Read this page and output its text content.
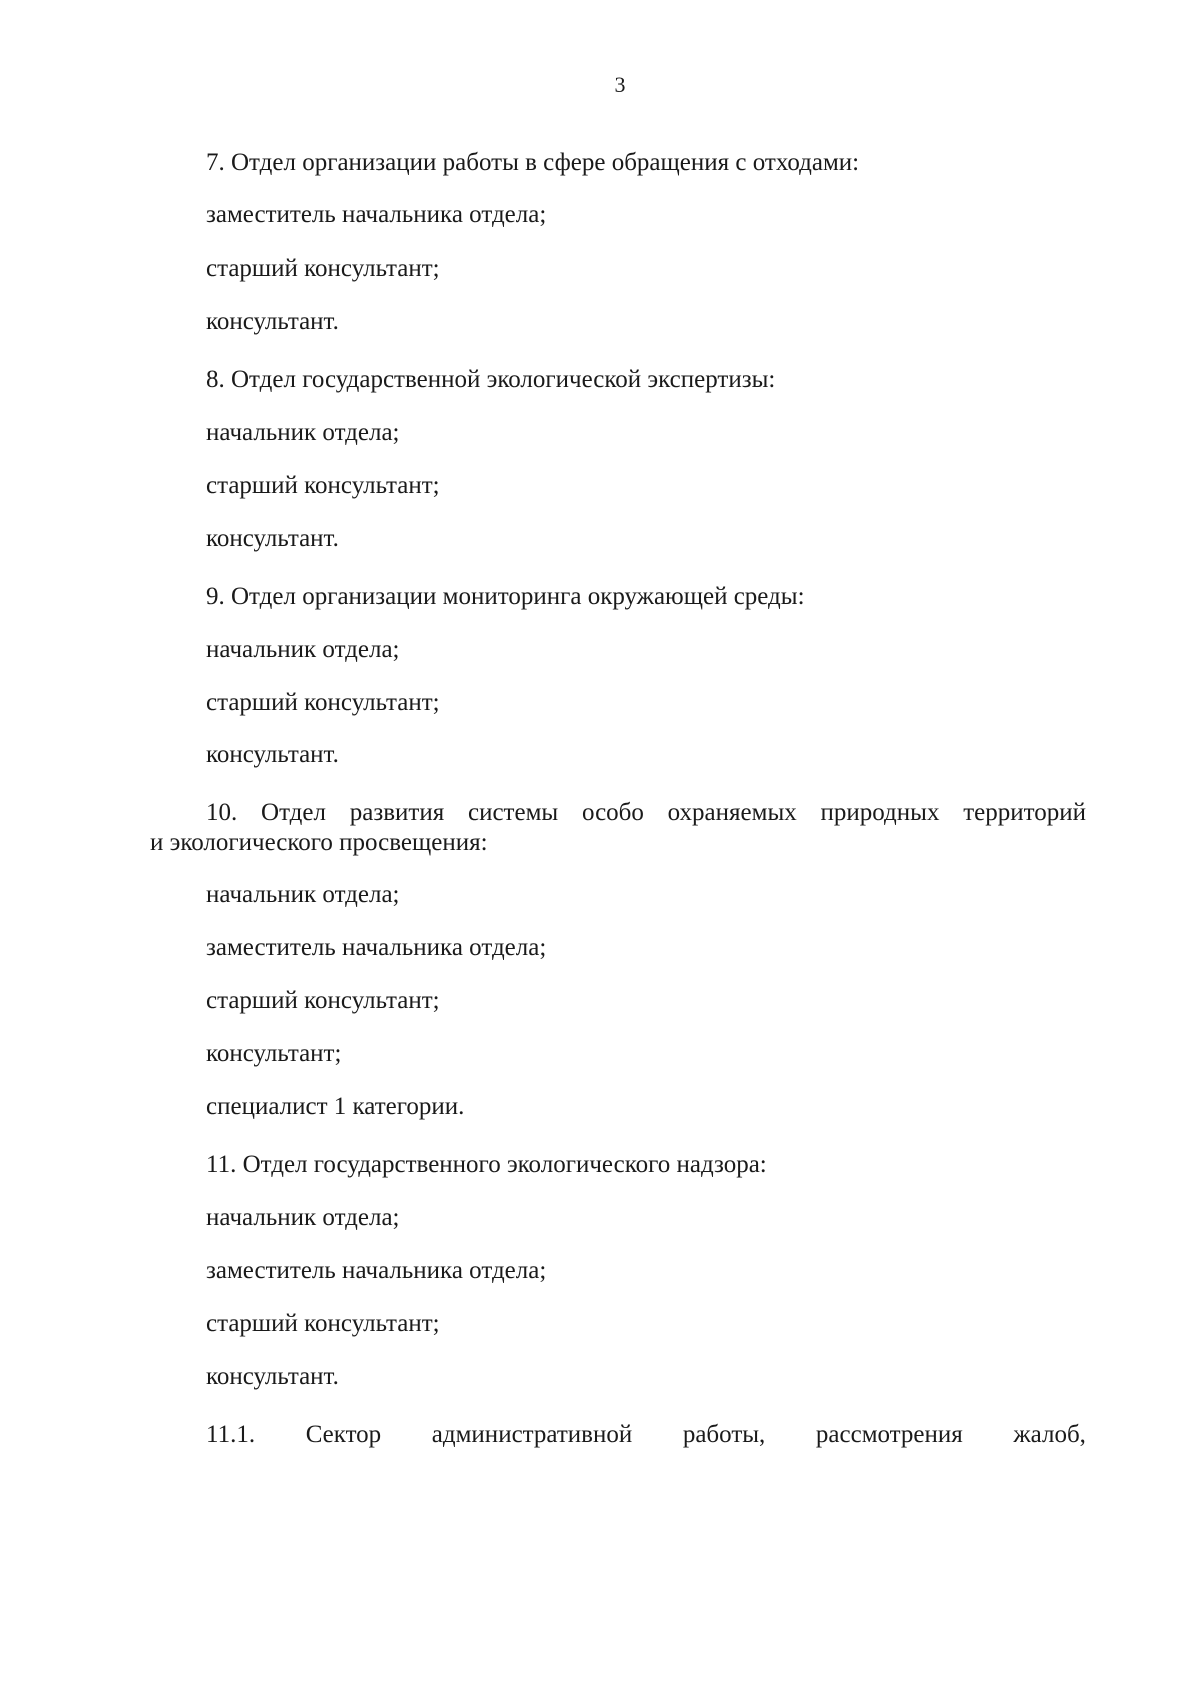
3
7. Отдел организации работы в сфере обращения с отходами:
заместитель начальника отдела;
старший консультант;
консультант.
8. Отдел государственной экологической экспертизы:
начальник отдела;
старший консультант;
консультант.
9. Отдел организации мониторинга окружающей среды:
начальник отдела;
старший консультант;
консультант.
10. Отдел развития системы особо охраняемых природных территорий
и экологического просвещения:
начальник отдела;
заместитель начальника отдела;
старший консультант;
консультант;
специалист 1 категории.
11. Отдел государственного экологического надзора:
начальник отдела;
заместитель начальника отдела;
старший консультант;
консультант.
11.1. Сектор административной работы, рассмотрения жалоб,
